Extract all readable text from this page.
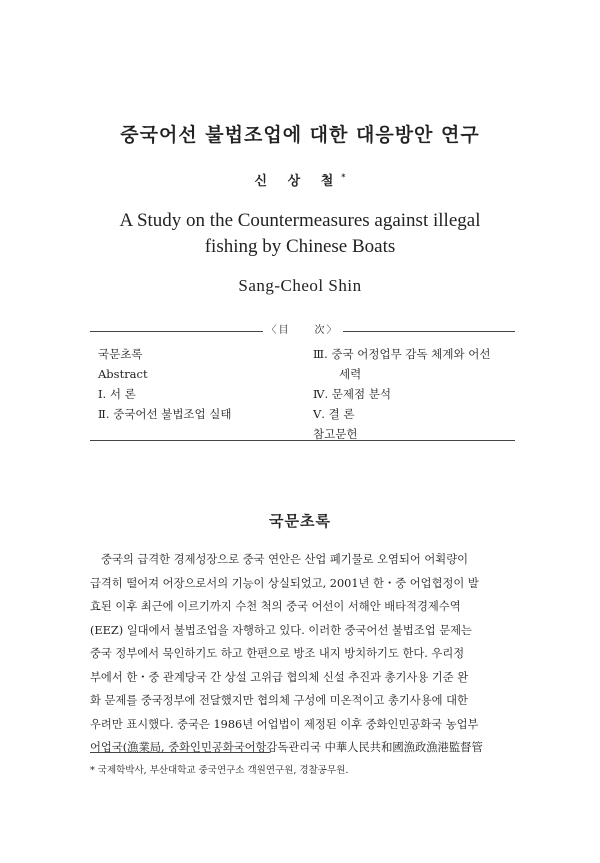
중국어선 불법조업에 대한 대응방안 연구
신 상 철*
A Study on the Countermeasures against illegal
fishing by Chinese Boats
Sang-Cheol Shin
〈目　　次〉
국문초록
Abstract
Ⅰ. 서 론
Ⅱ. 중국어선 불법조업 실태
Ⅲ. 중국 어정업무 감독 체계와 어선
세력
Ⅳ. 문제점 분석
Ⅴ. 결 론
참고문헌
국문초록
중국의 급격한 경제성장으로 중국 연안은 산업 폐기물로 오염되어 어획량이
급격히 떨어져 어장으로서의 기능이 상실되었고, 2001년 한・중 어업협정이 발
효된 이후 최근에 이르기까지 수천 척의 중국 어선이 서해안 배타적경제수역
(EEZ) 일대에서 불법조업을 자행하고 있다. 이러한 중국어선 불법조업 문제는
중국 정부에서 묵인하기도 하고 한편으로 방조 내지 방치하기도 한다. 우리정
부에서 한・중 관계당국 간 상설 고위급 협의체 신설 추진과 총기사용 기준 완
화 문제를 중국정부에 전달했지만 협의체 구성에 미온적이고 총기사용에 대한
우려만 표시했다. 중국은 1986년 어업법이 제정된 이후 중화인민공화국 농업부
어업국(漁業局, 중화인민공화국어항감독관리국 中華人民共和國漁政漁港監督管
* 국제학박사, 부산대학교 중국연구소 객원연구원, 경찰공무원.
